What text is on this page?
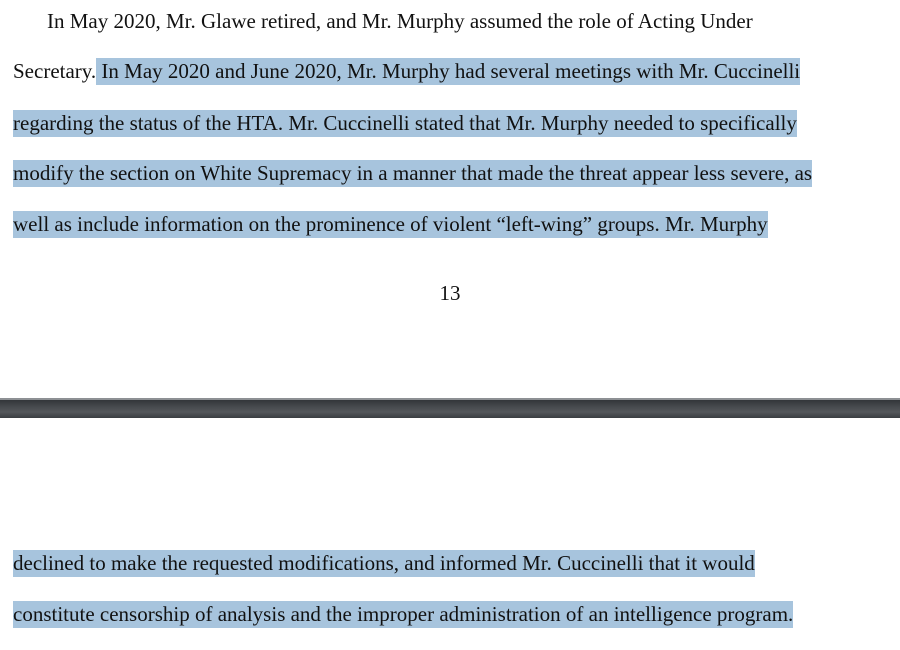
In May 2020, Mr. Glawe retired, and Mr. Murphy assumed the role of Acting Under
Secretary. In May 2020 and June 2020, Mr. Murphy had several meetings with Mr. Cuccinelli
regarding the status of the HTA. Mr. Cuccinelli stated that Mr. Murphy needed to specifically
modify the section on White Supremacy in a manner that made the threat appear less severe, as
well as include information on the prominence of violent “left-wing” groups. Mr. Murphy
13
declined to make the requested modifications, and informed Mr. Cuccinelli that it would
constitute censorship of analysis and the improper administration of an intelligence program.
